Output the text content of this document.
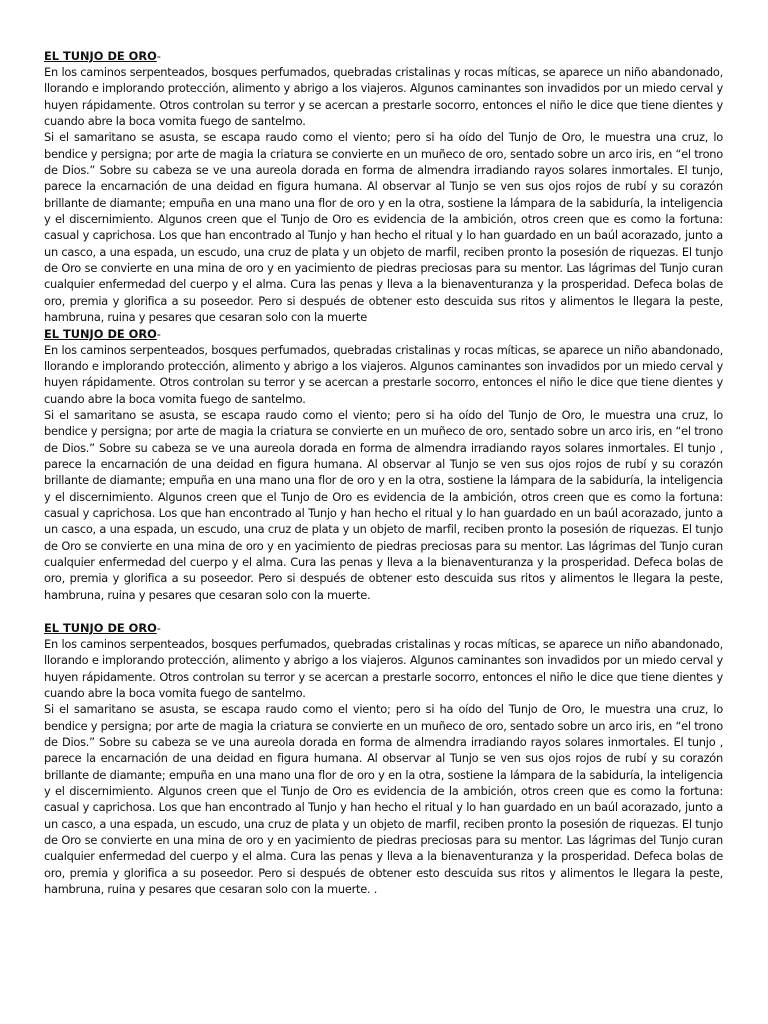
EL TUNJO DE ORO-

En los caminos serpenteados, bosques perfumados, quebradas cristalinas y rocas míticas, se aparece un niño abandonado, llorando e implorando protección, alimento y abrigo a los viajeros. Algunos caminantes son invadidos por un miedo cerval y huyen rápidamente. Otros controlan su terror y se acercan a prestarle socorro, entonces el niño le dice que tiene dientes y cuando abre la boca vomita fuego de santelmo.

Si el samaritano se asusta, se escapa raudo como el viento; pero si ha oído del Tunjo de Oro, le muestra una cruz, lo bendice y persigna; por arte de magia la criatura se convierte en un muñeco de oro, sentado sobre un arco iris, en “el trono de Dios.” Sobre su cabeza se ve una aureola dorada en forma de almendra irradiando rayos solares inmortales. El tunjo, parece la encarnación de una deidad en figura humana. Al observar al Tunjo se ven sus ojos rojos de rubí y su corazón brillante de diamante; empuña en una mano una flor de oro y en la otra, sostiene la lámpara de la sabiduría, la inteligencia y el discernimiento. Algunos creen que el Tunjo de Oro es evidencia de la ambición, otros creen que es como la fortuna: casual y caprichosa. Los que han encontrado al Tunjo y han hecho el ritual y lo han guardado en un baúl acorazado, junto a un casco, a una espada, un escudo, una cruz de plata y un objeto de marfil, reciben pronto la posesión de riquezas. El tunjo de Oro se convierte en una mina de oro y en yacimiento de piedras preciosas para su mentor. Las lágrimas del Tunjo curan cualquier enfermedad del cuerpo y el alma. Cura las penas y lleva a la bienaventuranza y la prosperidad. Defeca bolas de oro, premia y glorifica a su poseedor. Pero si después de obtener esto descuida sus ritos y alimentos le llegara la peste, hambruna, ruina y pesares que cesaran solo con la muerte

EL TUNJO DE ORO-

En los caminos serpenteados, bosques perfumados, quebradas cristalinas y rocas míticas, se aparece un niño abandonado, llorando e implorando protección, alimento y abrigo a los viajeros. Algunos caminantes son invadidos por un miedo cerval y huyen rápidamente. Otros controlan su terror y se acercan a prestarle socorro, entonces el niño le dice que tiene dientes y cuando abre la boca vomita fuego de santelmo.

Si el samaritano se asusta, se escapa raudo como el viento; pero si ha oído del Tunjo de Oro, le muestra una cruz, lo bendice y persigna; por arte de magia la criatura se convierte en un muñeco de oro, sentado sobre un arco iris, en “el trono de Dios.” Sobre su cabeza se ve una aureola dorada en forma de almendra irradiando rayos solares inmortales. El tunjo , parece la encarnación de una deidad en figura humana. Al observar al Tunjo se ven sus ojos rojos de rubí y su corazón brillante de diamante; empuña en una mano una flor de oro y en la otra, sostiene la lámpara de la sabiduría, la inteligencia y el discernimiento. Algunos creen que el Tunjo de Oro es evidencia de la ambición, otros creen que es como la fortuna: casual y caprichosa. Los que han encontrado al Tunjo y han hecho el ritual y lo han guardado en un baúl acorazado, junto a un casco, a una espada, un escudo, una cruz de plata y un objeto de marfil, reciben pronto la posesión de riquezas. El tunjo de Oro se convierte en una mina de oro y en yacimiento de piedras preciosas para su mentor. Las lágrimas del Tunjo curan cualquier enfermedad del cuerpo y el alma. Cura las penas y lleva a la bienaventuranza y la prosperidad. Defeca bolas de oro, premia y glorifica a su poseedor. Pero si después de obtener esto descuida sus ritos y alimentos le llegara la peste, hambruna, ruina y pesares que cesaran solo con la muerte.

EL TUNJO DE ORO-

En los caminos serpenteados, bosques perfumados, quebradas cristalinas y rocas míticas, se aparece un niño abandonado, llorando e implorando protección, alimento y abrigo a los viajeros. Algunos caminantes son invadidos por un miedo cerval y huyen rápidamente. Otros controlan su terror y se acercan a prestarle socorro, entonces el niño le dice que tiene dientes y cuando abre la boca vomita fuego de santelmo.

Si el samaritano se asusta, se escapa raudo como el viento; pero si ha oído del Tunjo de Oro, le muestra una cruz, lo bendice y persigna; por arte de magia la criatura se convierte en un muñeco de oro, sentado sobre un arco iris, en “el trono de Dios.” Sobre su cabeza se ve una aureola dorada en forma de almendra irradiando rayos solares inmortales. El tunjo , parece la encarnación de una deidad en figura humana. Al observar al Tunjo se ven sus ojos rojos de rubí y su corazón brillante de diamante; empuña en una mano una flor de oro y en la otra, sostiene la lámpara de la sabiduría, la inteligencia y el discernimiento. Algunos creen que el Tunjo de Oro es evidencia de la ambición, otros creen que es como la fortuna: casual y caprichosa. Los que han encontrado al Tunjo y han hecho el ritual y lo han guardado en un baúl acorazado, junto a un casco, a una espada, un escudo, una cruz de plata y un objeto de marfil, reciben pronto la posesión de riquezas. El tunjo de Oro se convierte en una mina de oro y en yacimiento de piedras preciosas para su mentor. Las lágrimas del Tunjo curan cualquier enfermedad del cuerpo y el alma. Cura las penas y lleva a la bienaventuranza y la prosperidad. Defeca bolas de oro, premia y glorifica a su poseedor. Pero si después de obtener esto descuida sus ritos y alimentos le llegara la peste, hambruna, ruina y pesares que cesaran solo con la muerte. .
